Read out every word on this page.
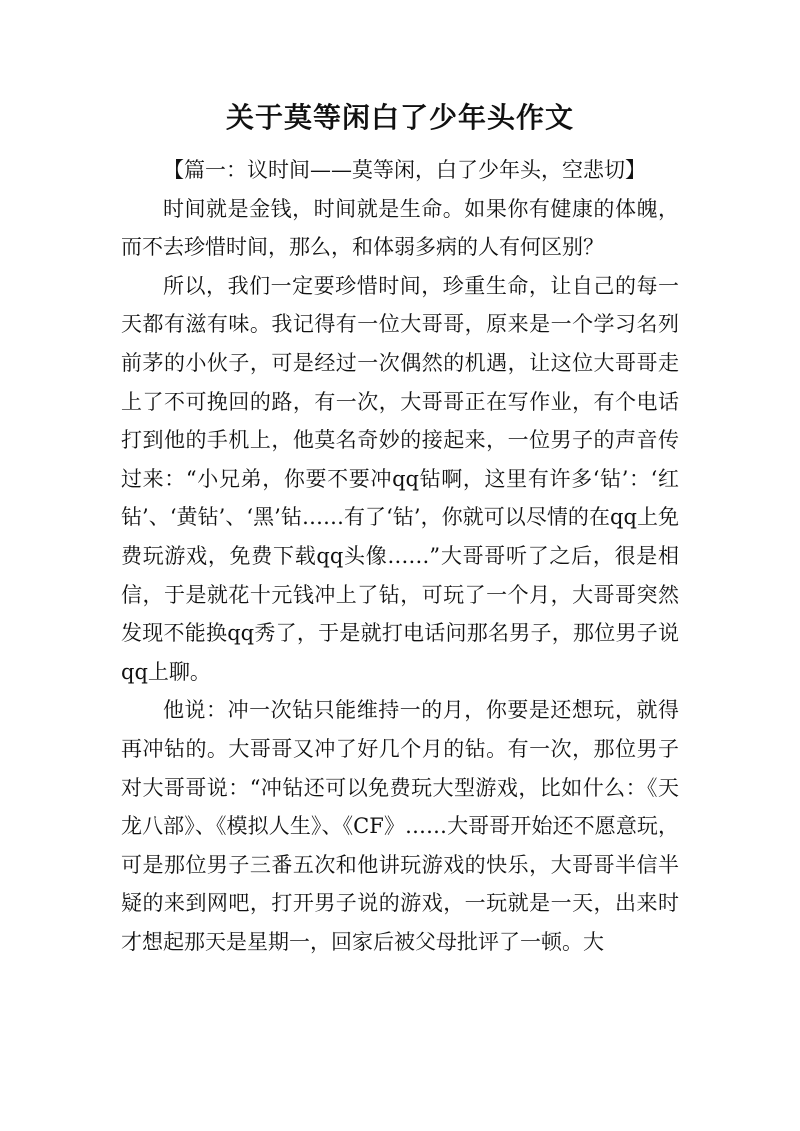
关于莫等闲白了少年头作文

【篇一：议时间——莫等闲，白了少年头，空悲切】

时间就是金钱，时间就是生命。如果你有健康的体魄，而不去珍惜时间，那么，和体弱多病的人有何区别？

所以，我们一定要珍惜时间，珍重生命，让自己的每一天都有滋有味。我记得有一位大哥哥，原来是一个学习名列前茅的小伙子，可是经过一次偶然的机遇，让这位大哥哥走上了不可挽回的路，有一次，大哥哥正在写作业，有个电话打到他的手机上，他莫名奇妙的接起来，一位男子的声音传过来：“小兄弟，你要不要冲qq钻啊，这里有许多‘钻’：‘红钻’、‘黄钻’、‘黑’钻……有了‘钻’，你就可以尽情的在qq上免费玩游戏，免费下载qq头像……”大哥哥听了之后，很是相信，于是就花十元钱冲上了钻，可玩了一个月，大哥哥突然发现不能换qq秀了，于是就打电话问那名男子，那位男子说qq上聊。

他说：冲一次钻只能维持一的月，你要是还想玩，就得再冲钻的。大哥哥又冲了好几个月的钻。有一次，那位男子对大哥哥说：“冲钻还可以免费玩大型游戏，比如什么：《天龙八部》、《模拟人生》、《CF》……大哥哥开始还不愿意玩，可是那位男子三番五次和他讲玩游戏的快乐，大哥哥半信半疑的来到网吧，打开男子说的游戏，一玩就是一天，出来时才想起那天是星期一，回家后被父母批评了一顿。大
